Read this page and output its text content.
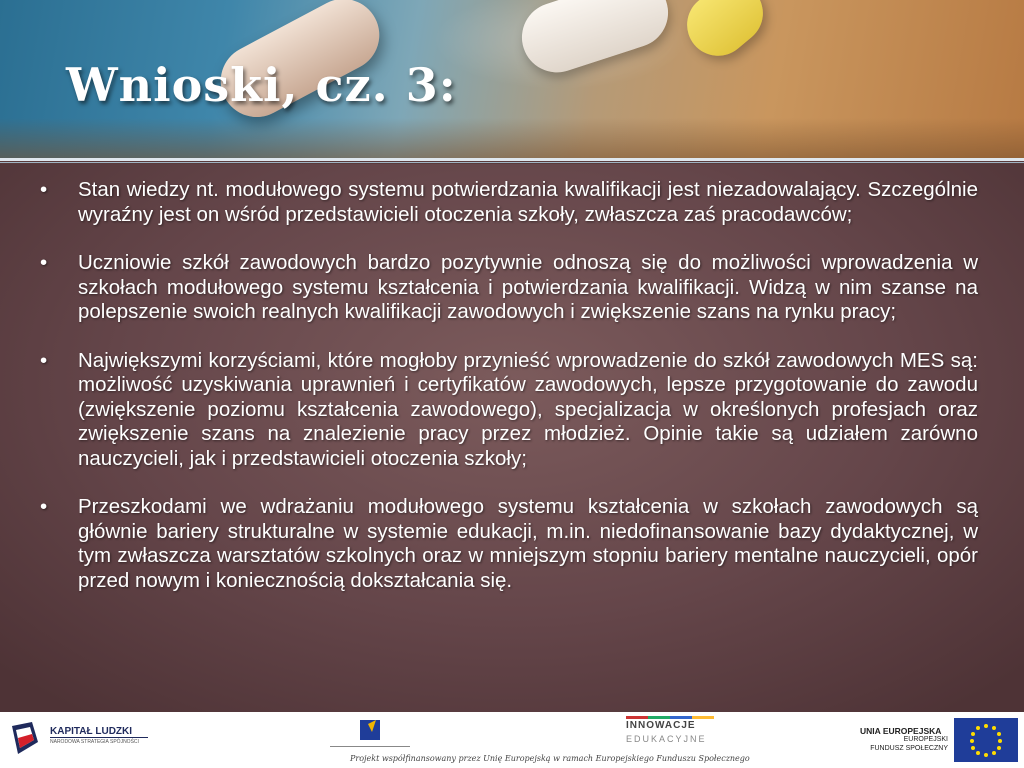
Wnioski, cz. 3:
•	Stan wiedzy nt. modułowego systemu potwierdzania kwalifikacji jest niezadowalający. Szczególnie wyraźny jest on wśród przedstawicieli otoczenia szkoły, zwłaszcza zaś pracodawców;
•	Uczniowie szkół zawodowych bardzo pozytywnie odnoszą się do możliwości wprowadzenia w szkołach modułowego systemu kształcenia i potwierdzania kwalifikacji. Widzą w nim szanse na polepszenie swoich realnych kwalifikacji zawodowych i zwiększenie szans na rynku pracy;
•	Największymi korzyściami, które mogłoby przynieść wprowadzenie do szkół zawodowych MES są: możliwość uzyskiwania uprawnień i certyfikatów zawodowych, lepsze przygotowanie do zawodu (zwiększenie poziomu kształcenia zawodowego), specjalizacja w określonych profesjach oraz zwiększenie szans na znalezienie pracy przez młodzież. Opinie takie są udziałem zarówno nauczycieli, jak i przedstawicieli otoczenia szkoły;
•	Przeszkodami we wdrażaniu modułowego systemu kształcenia w szkołach zawodowych są głównie bariery strukturalne w systemie edukacji, m.in. niedofinansowanie bazy dydaktycznej, w tym zwłaszcza warsztatów szkolnych oraz w mniejszym stopniu bariery mentalne nauczycieli, opór przed nowym i koniecznością dokształcania się.
KAPITAŁ LUDZKI
NARODOWA STRATEGIA SPÓJNOŚCI
INNOWACJE
EDUKACYJNE
UNIA EUROPEJSKA
EUROPEJSKI
FUNDUSZ SPOŁECZNY
Projekt współfinansowany przez Unię Europejską w ramach Europejskiego Funduszu Społecznego
